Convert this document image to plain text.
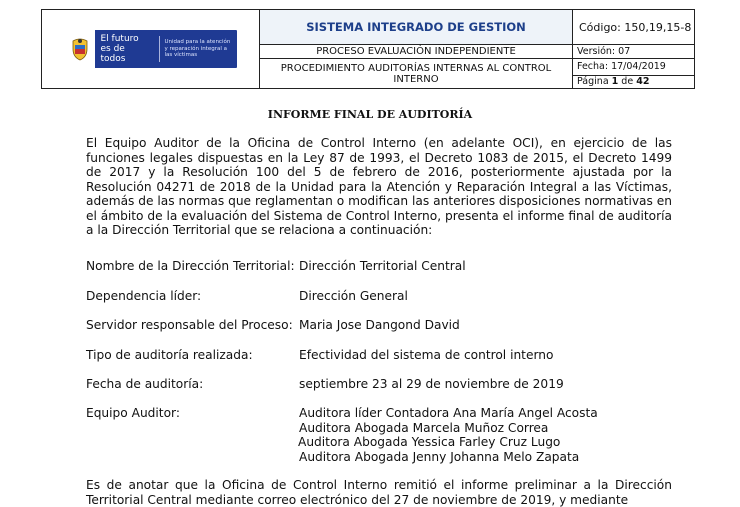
El futuro
es de todos
Unidad para la atención y reparación integral a las víctimas	SISTEMA INTEGRADO DE GESTION	Código: 150,19,15-8
	PROCESO EVALUACIÓN INDEPENDIENTE	Versión: 07
	PROCEDIMIENTO AUDITORÍAS INTERNAS AL CONTROL INTERNO	Fecha: 17/04/2019
		Página 1 de 42
INFORME FINAL DE AUDITORÍA
El Equipo Auditor de la Oficina de Control Interno (en adelante OCI), en ejercicio de las funciones legales dispuestas en la Ley 87 de 1993, el Decreto 1083 de 2015, el Decreto 1499 de 2017 y la Resolución 100 del 5 de febrero de 2016, posteriormente ajustada por la Resolución 04271 de 2018 de la Unidad para la Atención y Reparación Integral a las Víctimas, además de las normas que reglamentan o modifican las anteriores disposiciones normativas en el ámbito de la evaluación del Sistema de Control Interno, presenta el informe final de auditoría a la Dirección Territorial que se relaciona a continuación:
Nombre de la Dirección Territorial: Dirección Territorial Central
Dependencia líder:	Dirección General
Servidor responsable del Proceso: Maria Jose Dangond David
Tipo de auditoría realizada:	Efectividad del sistema de control interno
Fecha de auditoría:	septiembre 23 al 29 de noviembre de 2019
Equipo Auditor:	Auditora líder Contadora Ana María Angel Acosta
Auditora Abogada Marcela Muñoz Correa
Auditora Abogada Yessica Farley Cruz Lugo
Auditora Abogada Jenny Johanna Melo Zapata
Es de anotar que la Oficina de Control Interno remitió el informe preliminar a la Dirección Territorial Central mediante correo electrónico del 27 de noviembre de 2019, y mediante
